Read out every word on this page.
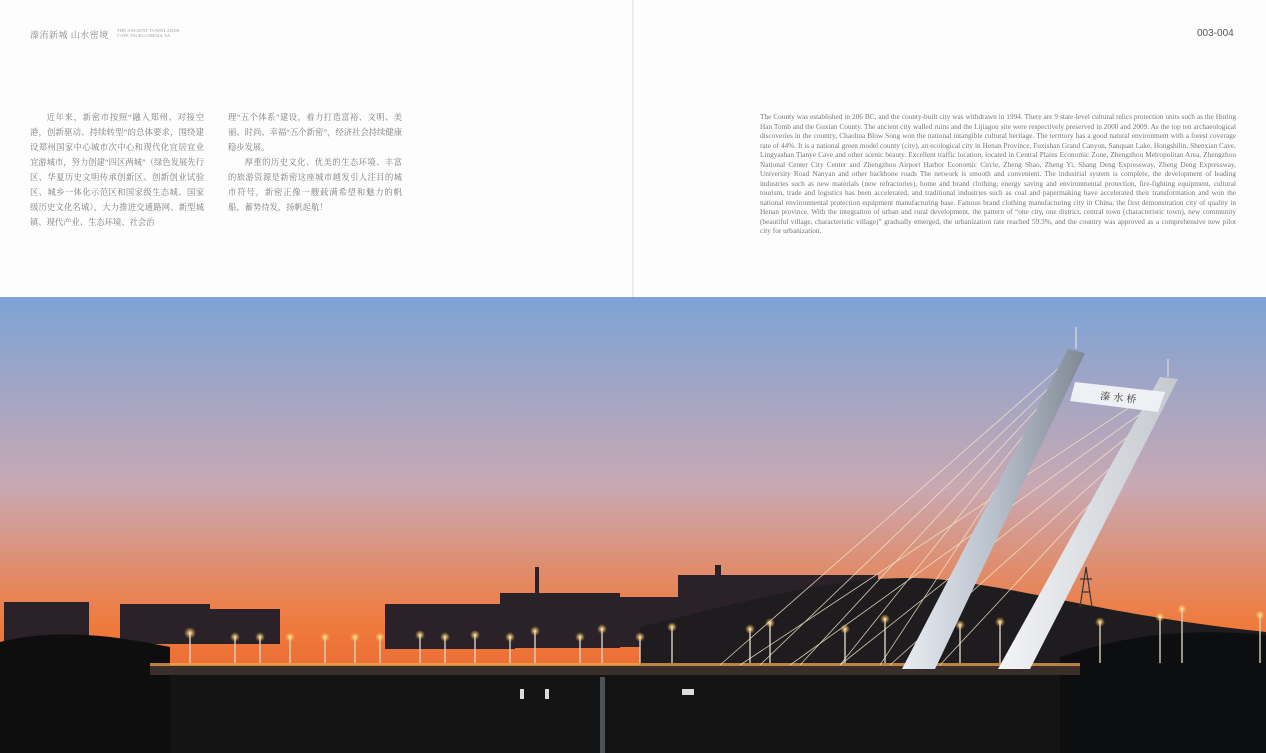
溱洧新城 山水密境 THE ANCIENT TOWNLANDS
CAPE NICKCONESIA VA	003-004

近年来，新密市按照“融入郑州、对接空港，创新驱动、持续转型”的总体要求，围绕建设郑州国家中心城市次中心和现代化宜居宜业宜游城市，努力创建“四区两城”（绿色发展先行区、华夏历史文明传承创新区、创新创业试验区、城乡一体化示范区和国家级生态城、国家级历史文化名城），大力推进交通路网、新型城镇、现代产业、生态环境、社会治

理“五个体系”建设，着力打造富裕、文明、美丽、时尚、幸福“五个新密”，经济社会持续健康稳步发展。

厚重的历史文化、优美的生态环境、丰富的旅游资源是新密这座城市越发引人注目的城市符号，新密正像一艘载满希望和魅力的帆船，蓄势待发，扬帆起航！

The County was established in 206 BC, and the county-built city was withdrawn in 1994. There are 9 state-level cultural relics protection units such as the Huting Han Tomb and the Guxian County. The ancient city walled ruins and the Lijiagou site were respectively preserved in 2000 and 2009. As the top ten archaeological discoveries in the country, Chaohua Blow Song won the national intangible cultural heritage. The territory has a good natural environment with a forest coverage rate of 44%. It is a national green model county (city), an ecological city in Henan Province, Fuxishan Grand Canyon, Sanquan Lake, Hongshilin, Shenxian Cave, Lingyashan Tianye Cave and other scenic beauty. Excellent traffic location, located in Central Plains Economic Zone, Zhengzhou Metropolitan Area, Zhengzhou National Center City Center and Zhengzhou Airport Harbor Economic Circle, Zheng Shao, Zheng Yi, Shang Deng Expressway, Zheng Deng Expressway, University Road Nanyan and other backbone roads The network is smooth and convenient. The industrial system is complete, the development of leading industries such as new materials (new refractories), home and brand clothing, energy saving and environmental protection, fire-fighting equipment, cultural tourism, trade and logistics has been accelerated, and traditional industries such as coal and papermaking have accelerated their transformation and won the national environmental protection equipment manufacturing base. Famous brand clothing manufacturing city in China, the first demonstration city of quality in Henan province. With the integration of urban and rural development, the pattern of “one city, one district, central town (characteristic town), new community (beautiful village, characteristic village)” gradually emerged, the urbanization rate reached 59.3%, and the country was approved as a comprehensive new pilot city for urbanization.
溱 水 桥
